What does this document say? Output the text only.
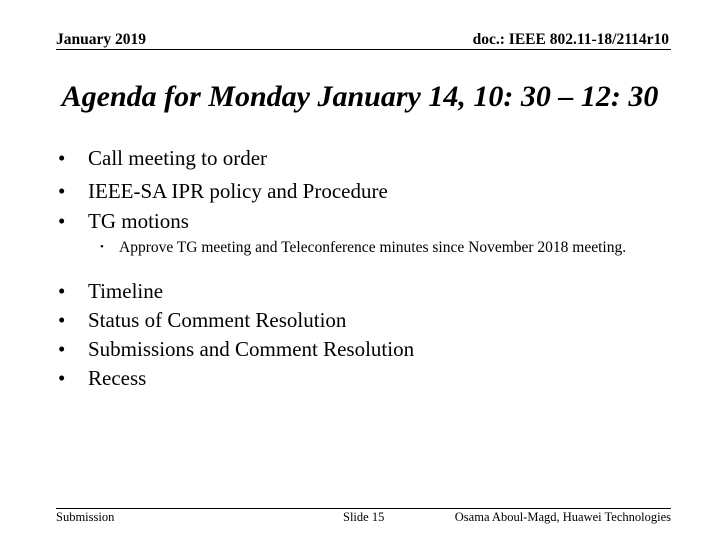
January 2019	doc.: IEEE 802.11-18/2114r10
Agenda for Monday January 14, 10: 30 – 12: 30
•	Call meeting to order
•	IEEE-SA IPR policy and Procedure
•	TG motions
• Approve TG meeting and Teleconference minutes since November 2018 meeting.
•	Timeline
•	Status of Comment Resolution
•	Submissions and Comment Resolution
•	Recess
Submission	Slide 15	Osama Aboul-Magd, Huawei Technologies
